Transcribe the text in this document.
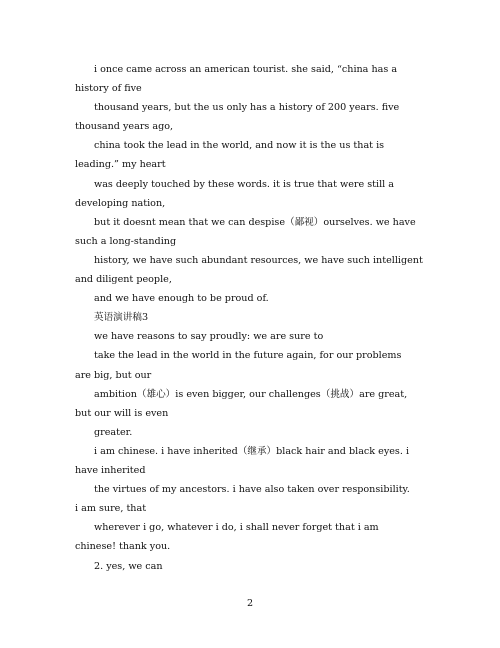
i once came across an american tourist. she said, “china has a
history of five
thousand years, but the us only has a history of 200 years. five
thousand years ago,
china took the lead in the world, and now it is the us that is
leading.” my heart
was deeply touched by these words. it is true that were still a
developing nation,
but it doesnt mean that we can despise（鄙视）ourselves. we have
such a long-standing
history, we have such abundant resources, we have such intelligent
and diligent people,
and we have enough to be proud of.
英语演讲稿3
we have reasons to say proudly: we are sure to
take the lead in the world in the future again, for our problems
are big, but our
ambition（雄心）is even bigger, our challenges（挑战）are great,
but our will is even
greater.
i am chinese. i have inherited（继承）black hair and black eyes. i
have inherited
the virtues of my ancestors. i have also taken over responsibility.
i am sure, that
wherever i go, whatever i do, i shall never forget that i am
chinese! thank you.
2. yes, we can
2
